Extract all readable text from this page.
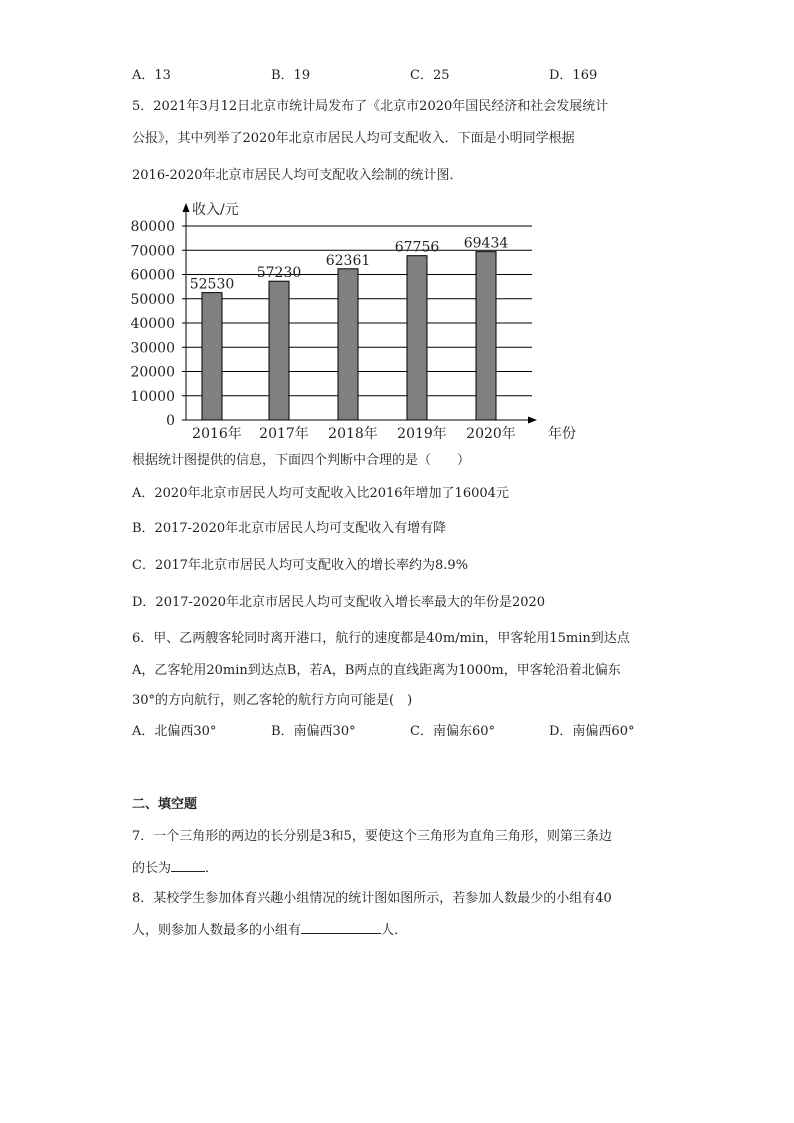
A．13	B．19	C．25	D．169
5．2021年3月12日北京市统计局发布了《北京市2020年国民经济和社会发展统计
公报》，其中列举了2020年北京市居民人均可支配收入．下面是小明同学根据
2016-2020年北京市居民人均可支配收入绘制的统计图．
收入/元
年份
0
10000
20000
30000
40000
50000
60000
70000
80000
52530
2016年
57230
2017年
62361
2018年
67756
2019年
69434
2020年
根据统计图提供的信息，下面四个判断中合理的是（　　）
A．2020年北京市居民人均可支配收入比2016年增加了16004元
B．2017-2020年北京市居民人均可支配收入有增有降
C．2017年北京市居民人均可支配收入的增长率约为8.9%
D．2017-2020年北京市居民人均可支配收入增长率最大的年份是2020
6．甲、乙两艘客轮同时离开港口，航行的速度都是40m/min，甲客轮用15min到达点
A，乙客轮用20min到达点B，若A，B两点的直线距离为1000m，甲客轮沿着北偏东
30°的方向航行，则乙客轮的航行方向可能是(　)
A．北偏西30°	B．南偏西30°	C．南偏东60°	D．南偏西60°
二、填空题
7．一个三角形的两边的长分别是3和5，要使这个三角形为直角三角形，则第三条边
的长为	．
8．某校学生参加体育兴趣小组情况的统计图如图所示，若参加人数最少的小组有40
人，则参加人数最多的小组有	人．
